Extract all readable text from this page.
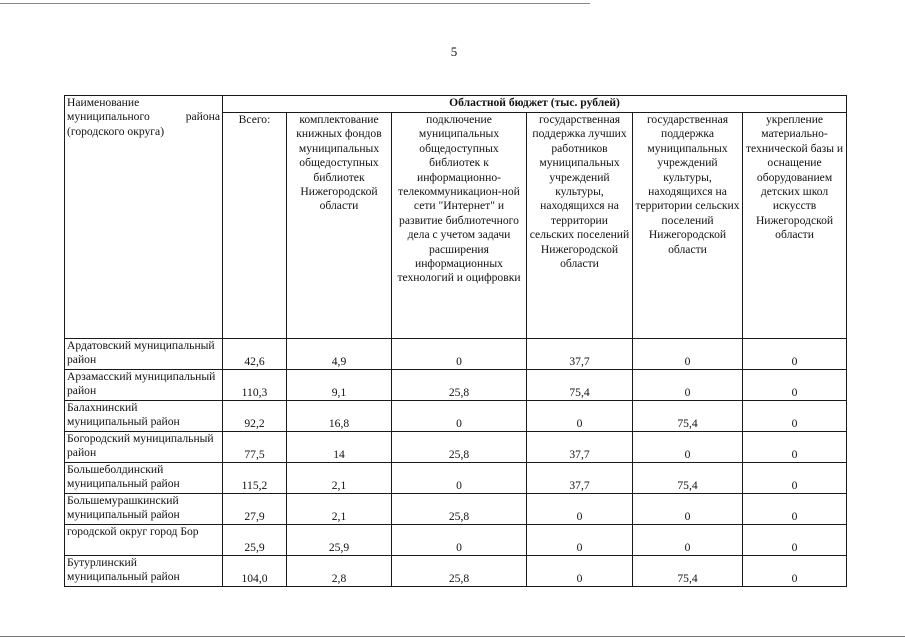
5
Наименование муниципального района (городского округа)	Областной бюджет (тыс. рублей)					
	Всего:	комплектование книжных фондов муниципальных общедоступных библиотек Нижегородской области	подключение муниципальных общедоступных библиотек к информационно-телекоммуникацион-ной сети "Интернет" и развитие библиотечного дела с учетом задачи расширения информационных технологий и оцифровки	государственная поддержка лучших работников муниципальных учреждений культуры, находящихся на территории сельских поселений Нижегородской области	государственная поддержка муниципальных учреждений культуры, находящихся на территории сельских поселений Нижегородской области	укрепление материально-технической базы и оснащение оборудованием детских школ искусств Нижегородской области
Ардатовский муниципальный район	42,6	4,9	0	37,7	0	0
Арзамасский муниципальный район	110,3	9,1	25,8	75,4	0	0
Балахнинский муниципальный район	92,2	16,8	0	0	75,4	0
Богородский муниципальный район	77,5	14	25,8	37,7	0	0
Большеболдинский муниципальный район	115,2	2,1	0	37,7	75,4	0
Большемурашкинский муниципальный район	27,9	2,1	25,8	0	0	0
городской округ город Бор	25,9	25,9	0	0	0	0
Бутурлинский муниципальный район	104,0	2,8	25,8	0	75,4	0
